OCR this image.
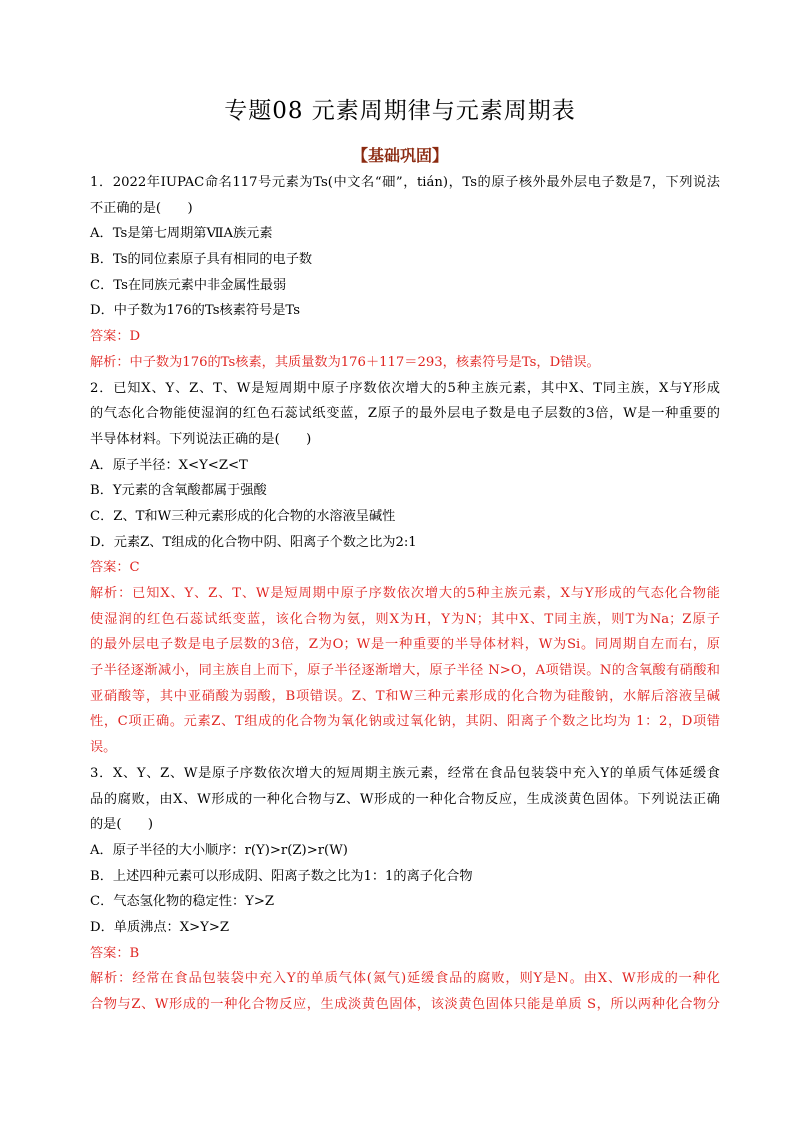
专题08 元素周期律与元素周期表
【基础巩固】
1．2022年IUPAC命名117号元素为Ts(中文名“鿬”，tián)，Ts的原子核外最外层电子数是7，下列说法
不正确的是(　　)
A．Ts是第七周期第ⅦA族元素
B．Ts的同位素原子具有相同的电子数
C．Ts在同族元素中非金属性最弱
D．中子数为176的Ts核素符号是Ts
答案：D
解析：中子数为176的Ts核素，其质量数为176＋117＝293，核素符号是Ts，D错误。
2．已知X、Y、Z、T、W是短周期中原子序数依次增大的5种主族元素，其中X、T同主族，X与Y形成
的气态化合物能使湿润的红色石蕊试纸变蓝，Z原子的最外层电子数是电子层数的3倍，W是一种重要的
半导体材料。下列说法正确的是(　　)
A．原子半径：X<Y<Z<T
B．Y元素的含氧酸都属于强酸
C．Z、T和W三种元素形成的化合物的水溶液呈碱性
D．元素Z、T组成的化合物中阴、阳离子个数之比为2:1
答案：C
解析：已知X、Y、Z、T、W是短周期中原子序数依次增大的5种主族元素，X与Y形成的气态化合物能
使湿润的红色石蕊试纸变蓝，该化合物为氨，则X为H，Y为N；其中X、T同主族，则T为Na；Z原子
的最外层电子数是电子层数的3倍，Z为O；W是一种重要的半导体材料，W为Si。同周期自左而右，原
子半径逐渐减小，同主族自上而下，原子半径逐渐增大，原子半径 N>O，A项错误。N的含氧酸有硝酸和
亚硝酸等，其中亚硝酸为弱酸，B项错误。Z、T和W三种元素形成的化合物为硅酸钠，水解后溶液呈碱
性，C项正确。元素Z、T组成的化合物为氧化钠或过氧化钠，其阴、阳离子个数之比均为 1：2，D项错
误。
3．X、Y、Z、W是原子序数依次增大的短周期主族元素，经常在食品包装袋中充入Y的单质气体延缓食
品的腐败，由X、W形成的一种化合物与Z、W形成的一种化合物反应，生成淡黄色固体。下列说法正确
的是(　　)
A．原子半径的大小顺序：r(Y)>r(Z)>r(W)
B．上述四种元素可以形成阴、阳离子数之比为1：1的离子化合物
C．气态氢化物的稳定性：Y>Z
D．单质沸点：X>Y>Z
答案：B
解析：经常在食品包装袋中充入Y的单质气体(氮气)延缓食品的腐败，则Y是N。由X、W形成的一种化
合物与Z、W形成的一种化合物反应，生成淡黄色固体，该淡黄色固体只能是单质 S，所以两种化合物分
